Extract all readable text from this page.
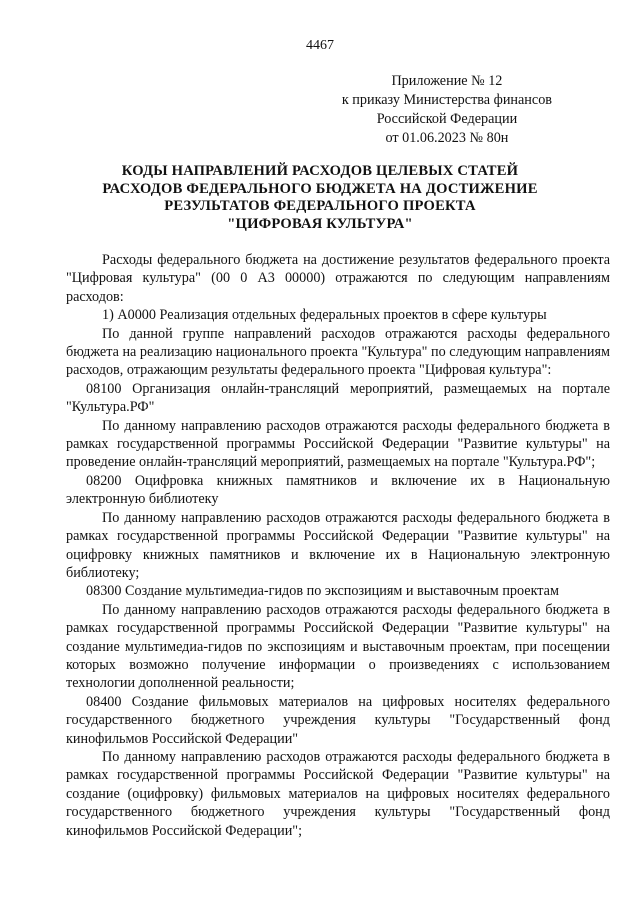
4467
Приложение № 12
к приказу Министерства финансов
Российской Федерации
от 01.06.2023 № 80н
КОДЫ НАПРАВЛЕНИЙ РАСХОДОВ ЦЕЛЕВЫХ СТАТЕЙ
РАСХОДОВ ФЕДЕРАЛЬНОГО БЮДЖЕТА НА ДОСТИЖЕНИЕ
РЕЗУЛЬТАТОВ ФЕДЕРАЛЬНОГО ПРОЕКТА
"ЦИФРОВАЯ КУЛЬТУРА"

Расходы федерального бюджета на достижение результатов федерального проекта "Цифровая культура" (00 0 А3 00000) отражаются по следующим направлениям расходов:

1) А0000 Реализация отдельных федеральных проектов в сфере культуры

По данной группе направлений расходов отражаются расходы федерального бюджета на реализацию национального проекта "Культура" по следующим направлениям расходов, отражающим результаты федерального проекта "Цифровая культура":

08100 Организация онлайн-трансляций мероприятий, размещаемых на портале "Культура.РФ"

По данному направлению расходов отражаются расходы федерального бюджета в рамках государственной программы Российской Федерации "Развитие культуры" на проведение онлайн-трансляций мероприятий, размещаемых на портале "Культура.РФ";

08200 Оцифровка книжных памятников и включение их в Национальную электронную библиотеку

По данному направлению расходов отражаются расходы федерального бюджета в рамках государственной программы Российской Федерации "Развитие культуры" на оцифровку книжных памятников и включение их в Национальную электронную библиотеку;

08300 Создание мультимедиа-гидов по экспозициям и выставочным проектам

По данному направлению расходов отражаются расходы федерального бюджета в рамках государственной программы Российской Федерации "Развитие культуры" на создание мультимедиа-гидов по экспозициям и выставочным проектам, при посещении которых возможно получение информации о произведениях с использованием технологии дополненной реальности;

08400 Создание фильмовых материалов на цифровых носителях федерального государственного бюджетного учреждения культуры "Государственный фонд кинофильмов Российской Федерации"

По данному направлению расходов отражаются расходы федерального бюджета в рамках государственной программы Российской Федерации "Развитие культуры" на создание (оцифровку) фильмовых материалов на цифровых носителях федерального государственного бюджетного учреждения культуры "Государственный фонд кинофильмов Российской Федерации";
